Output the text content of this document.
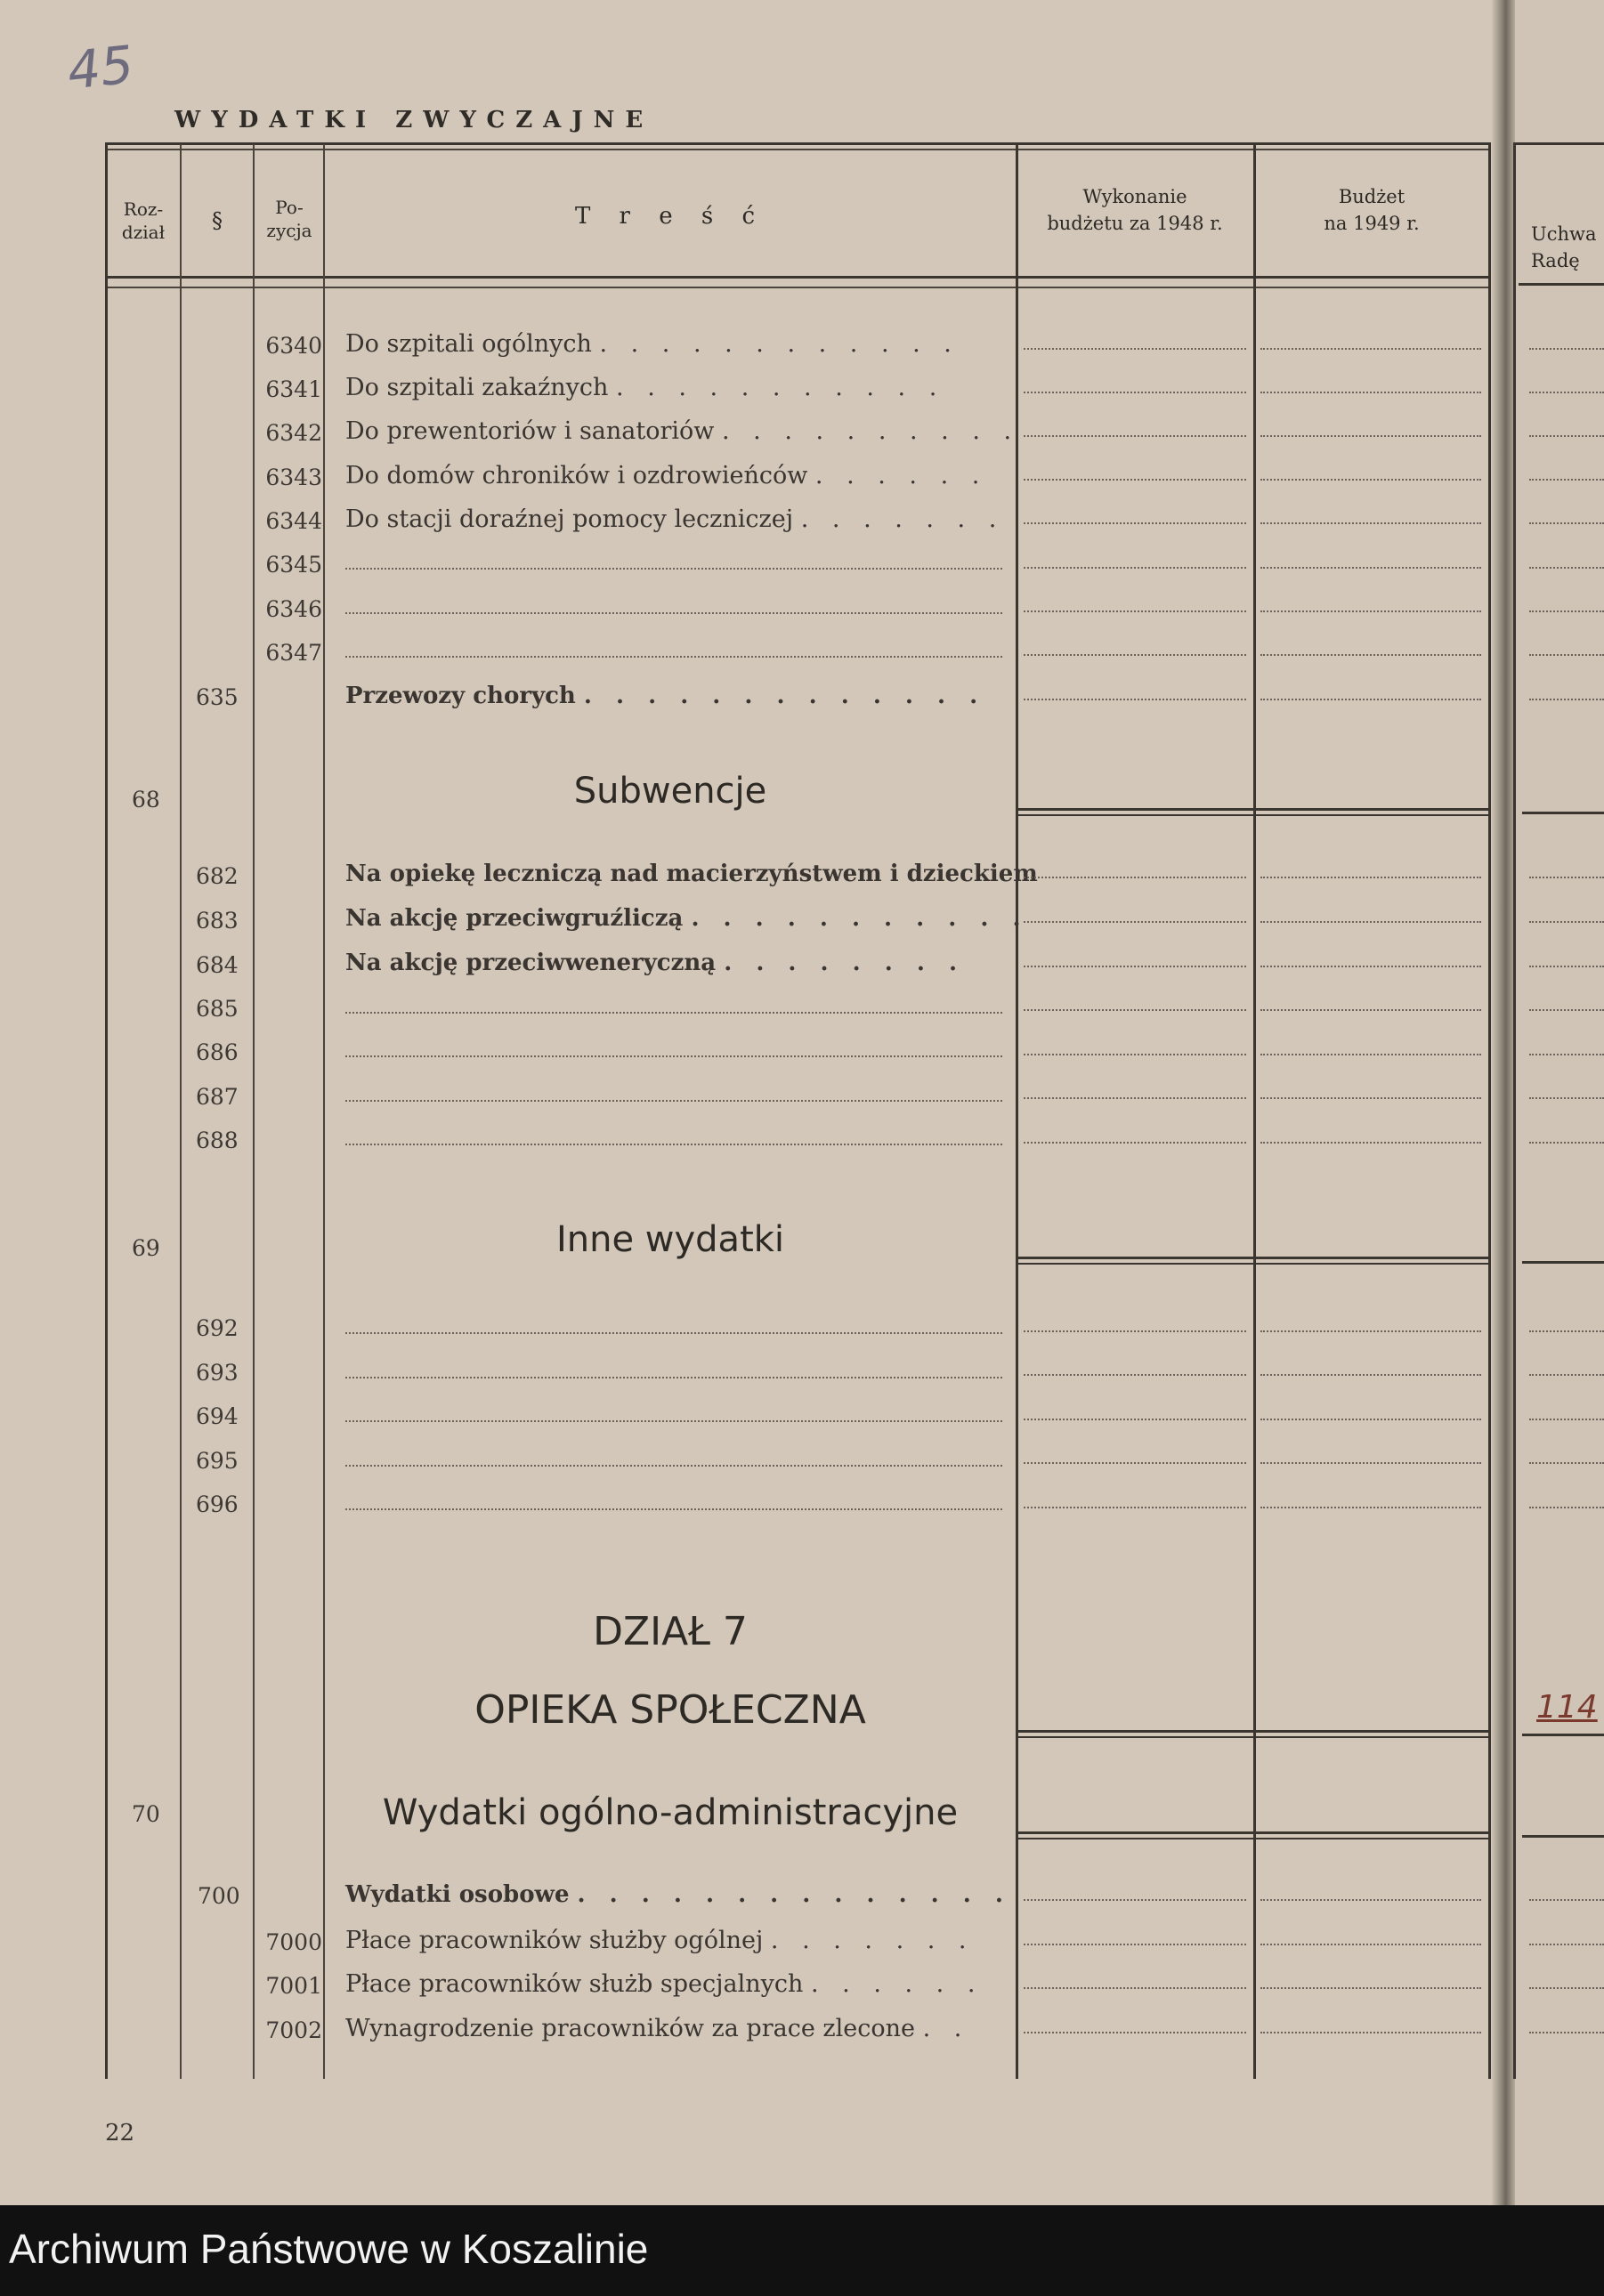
45
WYDATKI ZWYCZAJNE
Roz-
dział	§
Po-
zycja
T r e ś ć
Wykonanie
budżetu za 1948 r.
Budżet
na 1949 r.	Uchwa
Radę
6340 Do szpitali ogólnych . . . . . . . . . . . .
6341 Do szpitali zakaźnych . . . . . . . . . . .
6342 Do prewentoriów i sanatoriów . . . . . . . . . .
6343 Do domów chroników i ozdrowieńców . . . . . .
6344 Do stacji doraźnej pomocy leczniczej . . . . . . .
6345
6346
6347
635	Przewozy chorych . . . . . . . . . . . . .
68	Subwencje
682	Na opiekę leczniczą nad macierzyństwem i dzieckiem
683	Na akcję przeciwgruźliczą . . . . . . . . . . .
684	Na akcję przeciwweneryczną . . . . . . . .
685
686
687
688
69	Inne wydatki
692
693
694
695
696
DZIAŁ 7
OPIEKA SPOŁECZNA	114
70	Wydatki ogólno-administracyjne
700	Wydatki osobowe . . . . . . . . . . . . . .
7000 Płace pracowników służby ogólnej . . . . . . .
7001 Płace pracowników służb specjalnych . . . . . .
7002 Wynagrodzenie pracowników za prace zlecone . .
22
Archiwum Państwowe w Koszalinie
